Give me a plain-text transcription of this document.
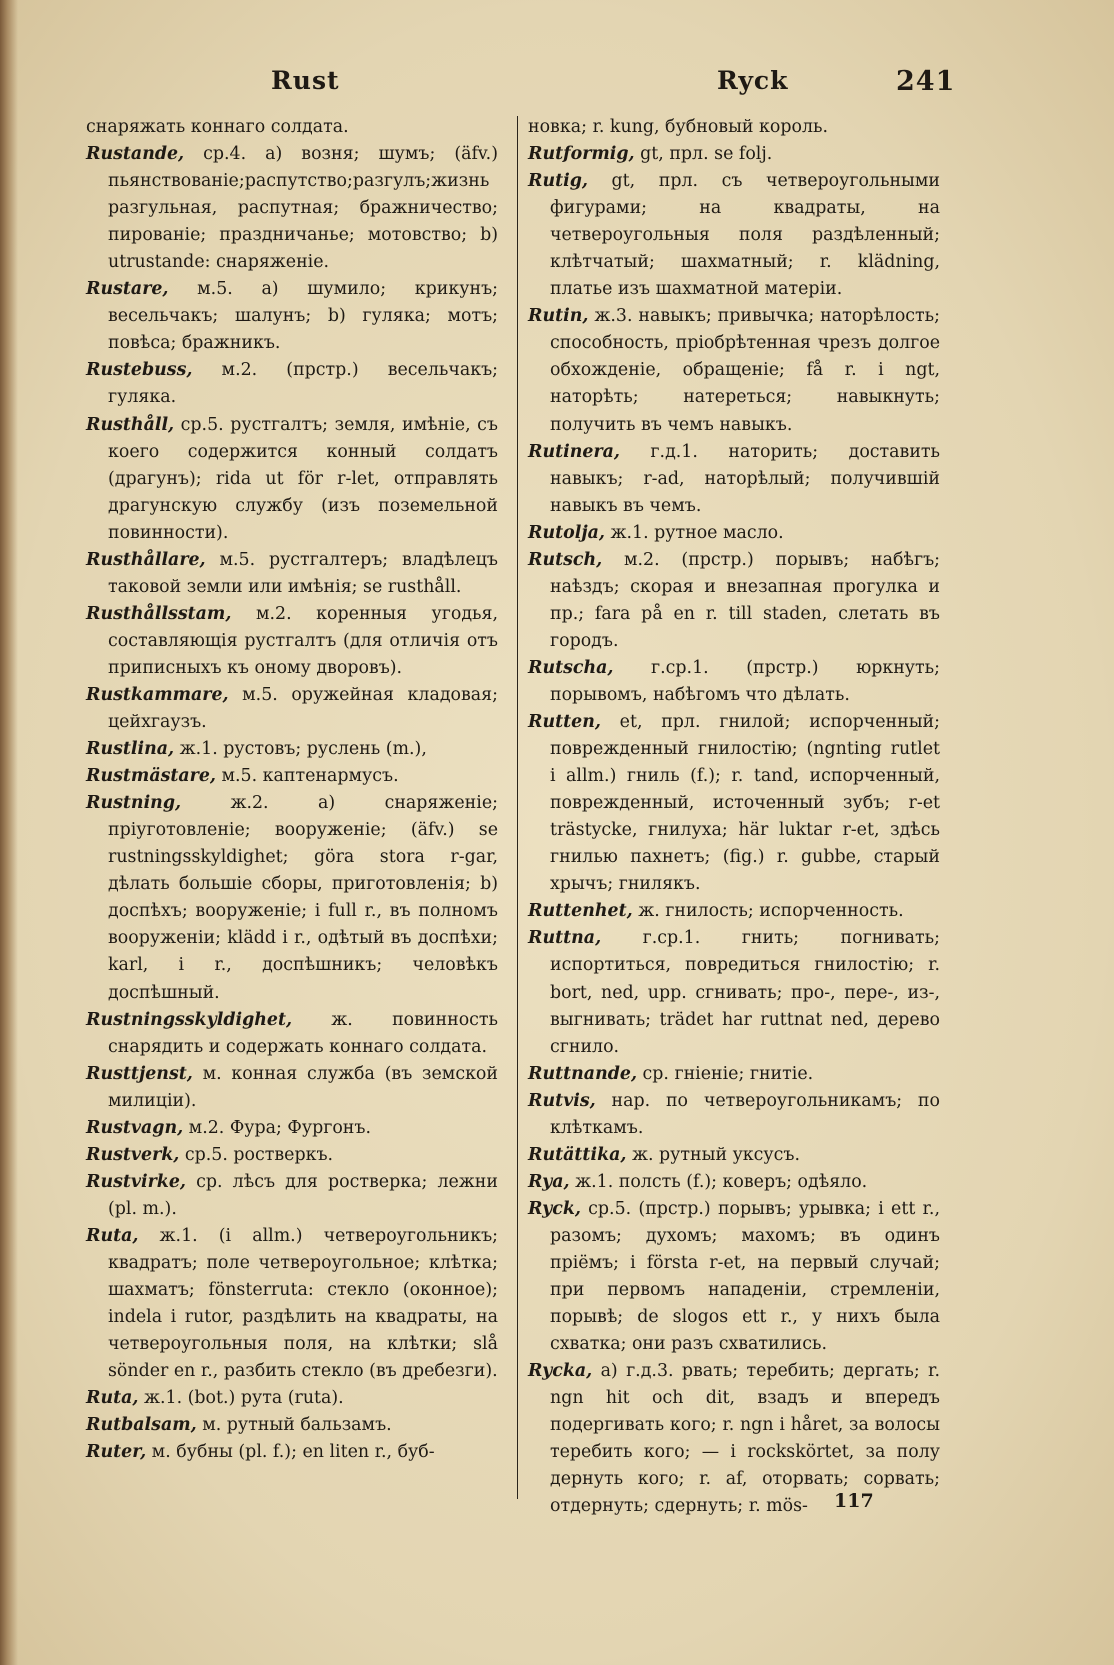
Rust	Ryck	241

снаряжать коннаго солдата.

Rustande, ср.4. a) возня; шумъ; (äfv.) пьянствованіе;распутство;разгулъ;жизнь разгульная, распутная; бражничество; пированіе; праздничанье; мотовство; b) utrustande: снаряженіе.

Rustare, м.5. a) шумило; крикунъ; весельчакъ; шалунъ; b) гуляка; мотъ; повѣса; бражникъ.

Rustebuss, м.2. (прстр.) весельчакъ; гуляка.

Rusthåll, ср.5. рустгалтъ; земля, имѣніе, съ коего содержится конный солдатъ (драгунъ); rida ut för r-let, отправлять драгунскую службу (изъ поземельной повинности).

Rusthållare, м.5. рустгалтеръ; владѣлецъ таковой земли или имѣнія; se rusthåll.

Rusthållsstam, м.2. коренныя угодья, составляющія рустгалтъ (для отличія отъ приписныхъ къ оному дворовъ).

Rustkammare, м.5. оружейная кладовая; цейхгаузъ.

Rustlina, ж.1. рустовъ; руслень (m.),

Rustmästare, м.5. каптенармусъ.

Rustning, ж.2. a) снаряженіе; пріуготовленіе; вооруженіе; (äfv.) se rustningsskyldighet; göra stora r-gar, дѣлать большіе сборы, приготовленія; b) доспѣхъ; вооруженіе; i full r., въ полномъ вооруженіи; klädd i r., одѣтый въ доспѣхи; karl, i r., доспѣшникъ; человѣкъ доспѣшный.

Rustningsskyldighet, ж. повинность снарядить и содержать коннаго солдата.

Rusttjenst, м. конная служба (въ земской милиціи).

Rustvagn, м.2. Фура; Фургонъ.

Rustverk, ср.5. ростверкъ.

Rustvirke, ср. лѣсъ для ростверка; лежни (pl. m.).

Ruta, ж.1. (i allm.) четвероугольникъ; квадратъ; поле четвероугольное; клѣтка; шахматъ; fönsterruta: стекло (оконное); indela i rutor, раздѣлить на квадраты, на четвероугольныя поля, на клѣтки; slå sönder en r., разбить стекло (въ дребезги).

Ruta, ж.1. (bot.) рута (ruta).

Rutbalsam, м. рутный бальзамъ.

Ruter, м. бубны (pl. f.); en liten r., буб-

новка; r. kung, бубновый король.

Rutformig, gt, прл. se folj.

Rutig, gt, прл. съ четвероугольными фигурами; на квадраты, на четвероугольныя поля раздѣленный; клѣтчатый; шахматный; r. klädning, платье изъ шахматной матеріи.

Rutin, ж.3. навыкъ; привычка; наторѣлость; способность, пріобрѣтенная чрезъ долгое обхожденіе, обращеніе; få r. i ngt, наторѣть; натереться; навыкнуть; получить въ чемъ навыкъ.

Rutinera, г.д.1. наторить; доставить навыкъ; r-ad, наторѣлый; получившій навыкъ въ чемъ.

Rutolja, ж.1. рутное масло.

Rutsch, м.2. (прстр.) порывъ; набѣгъ; наѣздъ; скорая и внезапная прогулка и пр.; fara på en r. till staden, слетать въ городъ.

Rutscha, г.ср.1. (прстр.) юркнуть; порывомъ, набѣгомъ что дѣлать.

Rutten, et, прл. гнилой; испорченный; поврежденный гнилостію; (ngnting rutlet i allm.) гниль (f.); r. tand, испорченный, поврежденный, источенный зубъ; r-et trästycke, гнилуха; här luktar r-et, здѣсь гнилью пахнетъ; (fig.) r. gubbe, старый хрычъ; гнилякъ.

Ruttenhet, ж. гнилость; испорченность.

Ruttna, г.ср.1. гнить; погнивать; испортиться, повредиться гнилостію; r. bort, ned, upp. сгнивать; про-, пере-, из-, выгнивать; trädet har ruttnat ned, дерево сгнило.

Ruttnande, ср. гніеніе; гнитіе.

Rutvis, нар. по четвероугольникамъ; по клѣткамъ.

Rutättika, ж. рутный уксусъ.

Rya, ж.1. полсть (f.); коверъ; одѣяло.

Ryck, ср.5. (прстр.) порывъ; урывка; i ett r., разомъ; духомъ; махомъ; въ одинъ пріёмъ; i första r-et, на первый случай; при первомъ нападеніи, стремленіи, порывѣ; de slogos ett r., у нихъ была схватка; они разъ схватились.

Rycka, a) г.д.3. рвать; теребить; дергать; r. ngn hit och dit, взадъ и впередъ подергивать кого; r. ngn i håret, за волосы теребить кого; — i rockskörtet, за полу дернуть кого; r. af, оторвать; сорвать; отдернуть; сдернуть; r. mös-	117
